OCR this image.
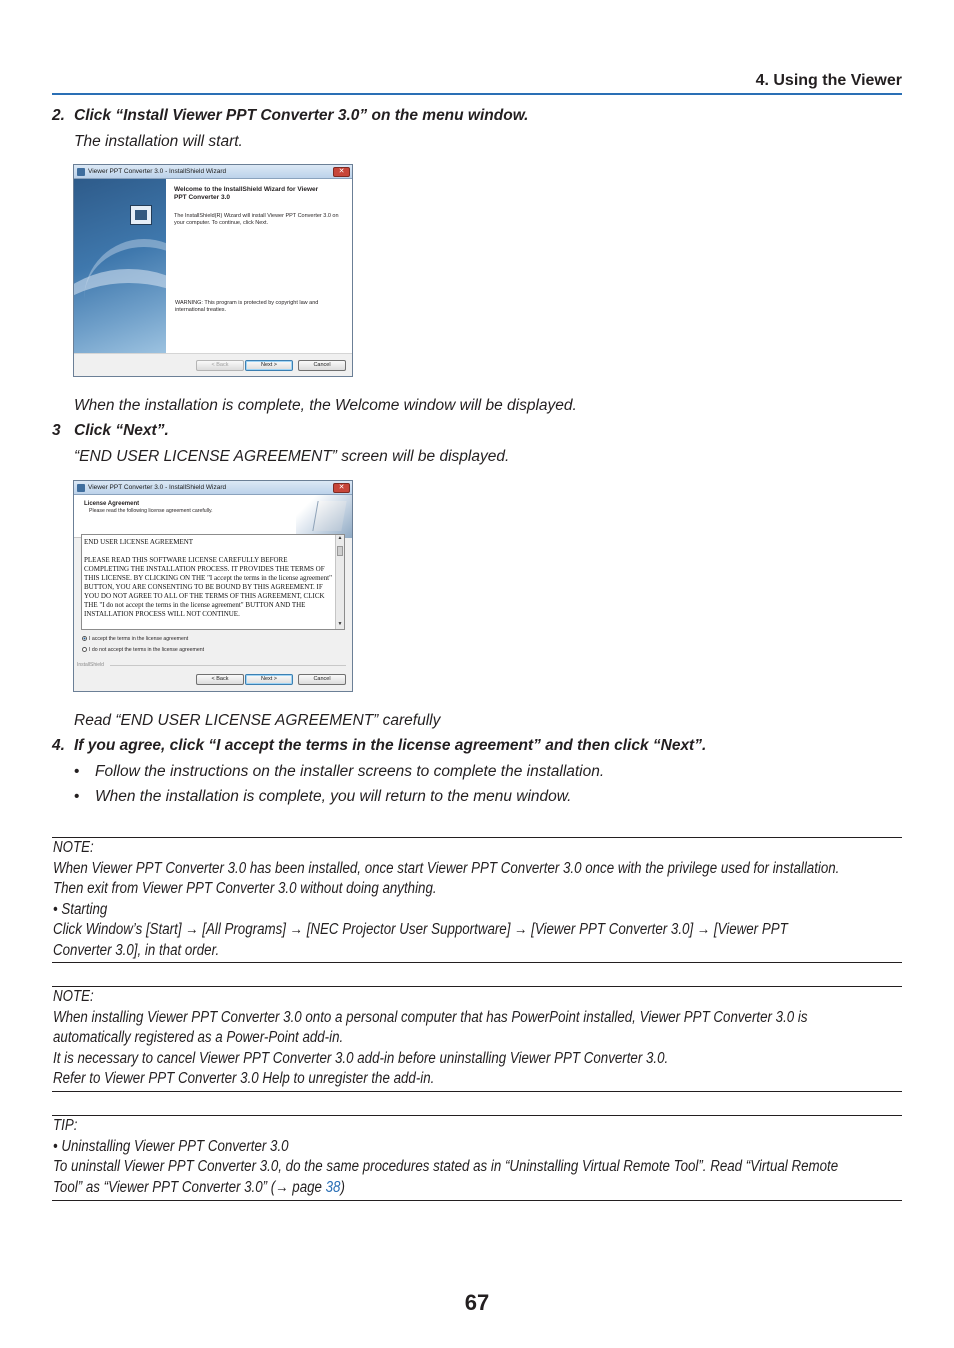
4. Using the Viewer
2. Click “Install Viewer PPT Converter 3.0” on the menu window.
The installation will start.
Viewer PPT Converter 3.0 - InstallShield Wizard	✕
Welcome to the InstallShield Wizard for Viewer PPT Converter 3.0
The InstallShield(R) Wizard will install Viewer PPT Converter 3.0 on your computer. To continue, click Next.
WARNING: This program is protected by copyright law and international treaties.
< Back	Next >	Cancel
When the installation is complete, the Welcome window will be displayed.
3 Click “Next”.
“END USER LICENSE AGREEMENT” screen will be displayed.
Viewer PPT Converter 3.0 - InstallShield Wizard	✕
License Agreement
Please read the following license agreement carefully.
END USER LICENSE AGREEMENT
PLEASE READ THIS SOFTWARE LICENSE CAREFULLY BEFORE COMPLETING THE INSTALLATION PROCESS. IT PROVIDES THE TERMS OF THIS LICENSE. BY CLICKING ON THE "I accept the terms in the license agreement" BUTTON, YOU ARE CONSENTING TO BE BOUND BY THIS AGREEMENT. IF YOU DO NOT AGREE TO ALL OF THE TERMS OF THIS AGREEMENT, CLICK THE "I do not accept the terms in the license agreement" BUTTON AND THE INSTALLATION PROCESS WILL NOT CONTINUE.
▲
▼
I accept the terms in the license agreement
I do not accept the terms in the license agreement
InstallShield
< Back	Next >	Cancel
Read “END USER LICENSE AGREEMENT” carefully
4. If you agree, click “I accept the terms in the license agreement” and then click “Next”.
• Follow the instructions on the installer screens to complete the installation.
• When the installation is complete, you will return to the menu window.

NOTE:

When Viewer PPT Converter 3.0 has been installed, once start Viewer PPT Converter 3.0 once with the privilege used for installation.

Then exit from Viewer PPT Converter 3.0 without doing anything.

• Starting

Click Window’s [Start] → [All Programs] → [NEC Projector User Supportware] → [Viewer PPT Converter 3.0] → [Viewer PPT

Converter 3.0], in that order.

NOTE:

When installing Viewer PPT Converter 3.0 onto a personal computer that has PowerPoint installed, Viewer PPT Converter 3.0 is

automatically registered as a Power-Point add-in.

It is necessary to cancel Viewer PPT Converter 3.0 add-in before uninstalling Viewer PPT Converter 3.0.

Refer to Viewer PPT Converter 3.0 Help to unregister the add-in.

TIP:

• Uninstalling Viewer PPT Converter 3.0

To uninstall Viewer PPT Converter 3.0, do the same procedures stated as in “Uninstalling Virtual Remote Tool”. Read “Virtual Remote

Tool” as “Viewer PPT Converter 3.0” (→ page 38)

67
